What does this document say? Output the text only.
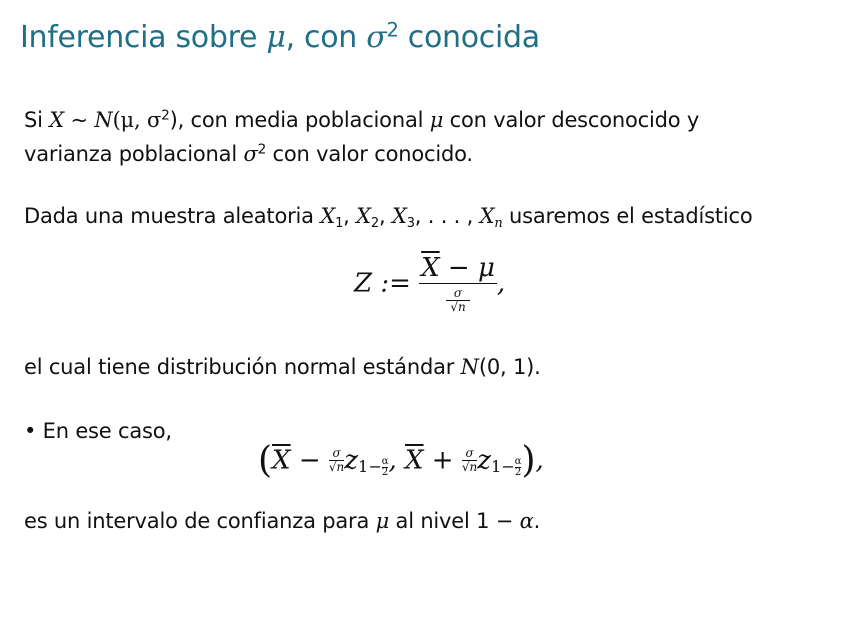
Inferencia sobre μ, con $\sigma^2$ conocida
Si X ∼ N(μ, $\sigma^2$), con media poblacional μ con valor desconocido y
varianza poblacional $\sigma^2$ con valor conocido.
Dada una muestra aleatoria $X_1$, $X_2$, $X_3$, . . . , $X_n$ usaremos el estadístico
Z := $\frac{\overline{X} - \mu}{\frac{\sigma}{√n}}$ ,
el cual tiene distribución normal estándar N(0, 1).
• En ese caso,
($\overline{X} - \frac{\sigma}{√n} z_{1- \frac{\alpha}{2}}$ , $\overline{X} + \frac{\sigma}{√n} z_{1- \frac{\alpha}{2}}$ ),
es un intervalo de confianza para μ al nivel 1 − α.
